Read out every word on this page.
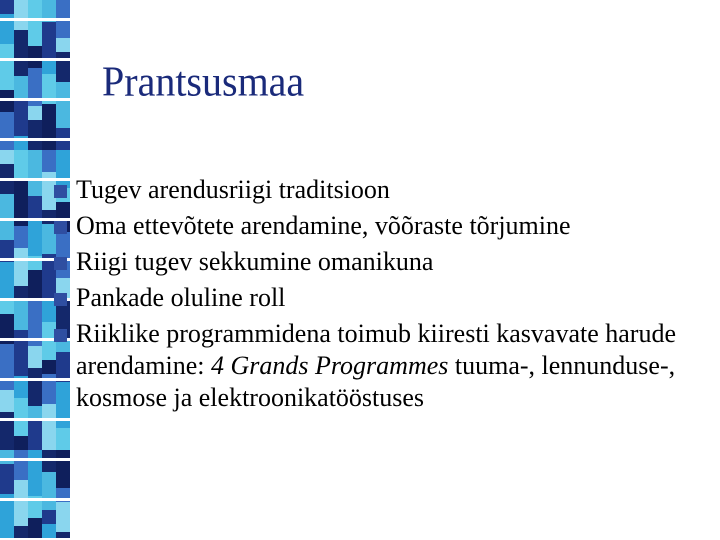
Prantsusmaa
Tugev arendusriigi traditsioon
Oma ettevõtete arendamine, võõraste tõrjumine
Riigi tugev sekkumine omanikuna
Pankade oluline roll
Riiklike programmidena toimub kiiresti kasvavate harude arendamine: 4 Grands Programmes tuuma-, lennunduse-, kosmose ja elektroonikatööstuses
